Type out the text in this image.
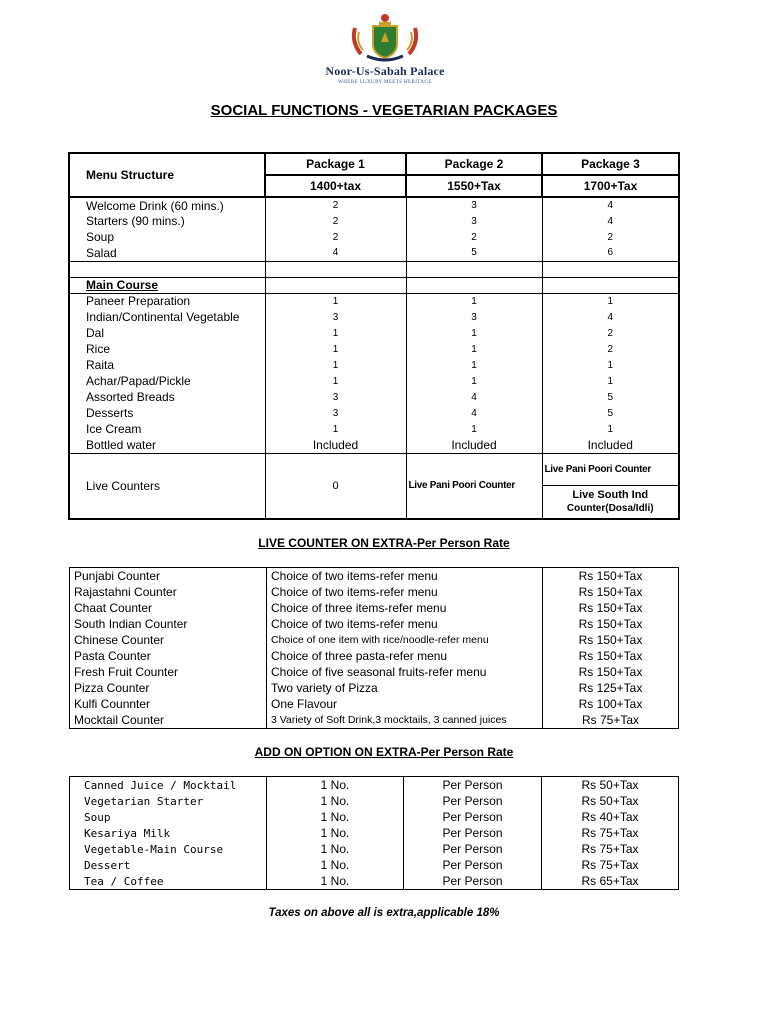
Noor-Us-Sabah Palace
WHERE LUXURY MEETS HERITAGE
SOCIAL FUNCTIONS - VEGETARIAN PACKAGES
Menu Structure	Package 1	Package 2	Package 3
	1400+tax	1550+Tax	1700+Tax
Welcome Drink (60 mins.)	2	3	4
Starters (90 mins.)	2	3	4
Soup	2	2	2
Salad	4	5	6

Main Course			
Paneer Preparation	1	1	1
Indian/Continental Vegetable	3	3	4
Dal	1	1	2
Rice	1	1	2
Raita	1	1	1
Achar/Papad/Pickle	1	1	1
Assorted Breads	3	4	5
Desserts	3	4	5
Ice Cream	1	1	1
Bottled water	Included	Included	Included
Live Counters	0	Live Pani Poori Counter	Live Pani Poori Counter

			Live South Ind
Counter(Dosa/Idli)
LIVE COUNTER ON EXTRA-Per Person Rate
Punjabi Counter	Choice of two items-refer menu	Rs 150+Tax
Rajastahni Counter	Choice of two items-refer menu	Rs 150+Tax
Chaat Counter	Choice of three items-refer menu	Rs 150+Tax
South Indian Counter	Choice of two items-refer menu	Rs 150+Tax
Chinese Counter	Choice of one item with rice/noodle-refer menu	Rs 150+Tax
Pasta Counter	Choice of three pasta-refer menu	Rs 150+Tax
Fresh Fruit Counter	Choice of five seasonal fruits-refer menu	Rs 150+Tax
Pizza Counter	Two variety of Pizza	Rs 125+Tax
Kulfi Counnter	One Flavour	Rs 100+Tax
Mocktail Counter	3 Variety of Soft Drink,3 mocktails, 3 canned juices	Rs 75+Tax
ADD ON OPTION ON EXTRA-Per Person Rate
Canned Juice / Mocktail	1 No.	Per Person	Rs 50+Tax
Vegetarian Starter	1 No.	Per Person	Rs 50+Tax
Soup	1 No.	Per Person	Rs 40+Tax
Kesariya Milk	1 No.	Per Person	Rs 75+Tax
Vegetable-Main Course	1 No.	Per Person	Rs 75+Tax
Dessert	1 No.	Per Person	Rs 75+Tax
Tea / Coffee	1 No.	Per Person	Rs 65+Tax
Taxes on above all is extra,applicable 18%
